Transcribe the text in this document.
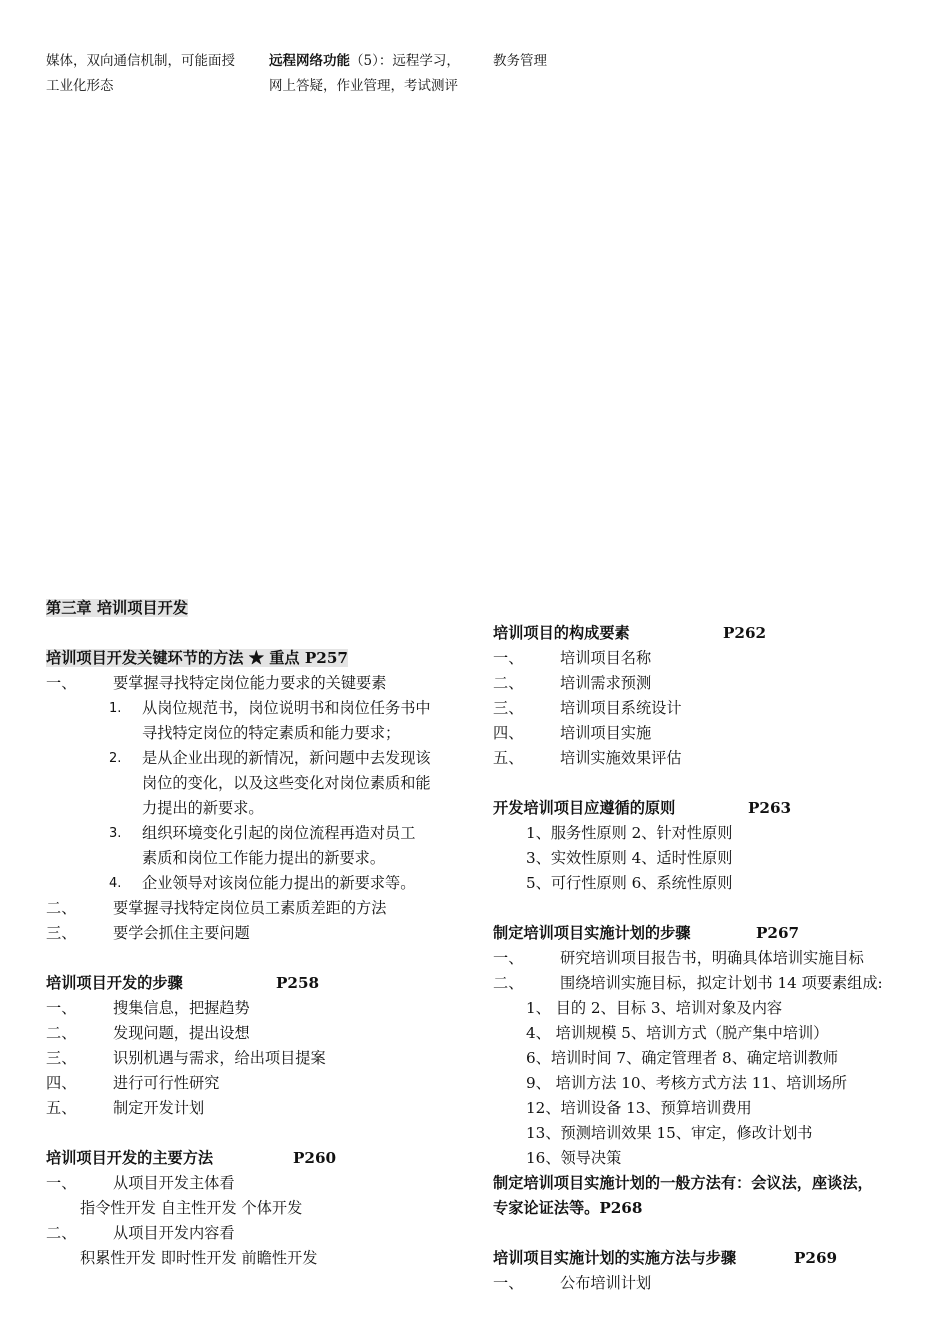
媒体，双向通信机制，可能面授
工业化形态
远程网络功能（5）：远程学习，
网上答疑，作业管理，考试测评
教务管理
第三章 培训项目开发
培训项目开发关键环节的方法 ★ 重点 P257
一、 要掌握寻找特定岗位能力要求的关键要素
1. 从岗位规范书，岗位说明书和岗位任务书中
寻找特定岗位的特定素质和能力要求；
2. 是从企业出现的新情况，新问题中去发现该
岗位的变化，以及这些变化对岗位素质和能
力提出的新要求。
3. 组织环境变化引起的岗位流程再造对员工
素质和岗位工作能力提出的新要求。
4. 企业领导对该岗位能力提出的新要求等。
二、 要掌握寻找特定岗位员工素质差距的方法
三、 要学会抓住主要问题
培训项目开发的步骤	P258
一、 搜集信息，把握趋势
二、 发现问题，提出设想
三、 识别机遇与需求，给出项目提案
四、 进行可行性研究
五、 制定开发计划
培训项目开发的主要方法	P260
一、 从项目开发主体看
指令性开发 自主性开发 个体开发
二、 从项目开发内容看
积累性开发 即时性开发 前瞻性开发
培训项目的构成要素	P262
一、 培训项目名称
二、 培训需求预测
三、 培训项目系统设计
四、 培训项目实施
五、 培训实施效果评估
开发培训项目应遵循的原则	P263
1、服务性原则 2、针对性原则
3、实效性原则 4、适时性原则
5、可行性原则 6、系统性原则
制定培训项目实施计划的步骤	P267
一、 研究培训项目报告书，明确具体培训实施目标
二、 围绕培训实施目标，拟定计划书 14 项要素组成:
1、 目的 2、目标 3、培训对象及内容
4、 培训规模 5、培训方式（脱产集中培训）
6、培训时间 7、确定管理者 8、确定培训教师
9、 培训方法 10、考核方式方法 11、培训场所
12、培训设备 13、预算培训费用
13、预测培训效果 15、审定，修改计划书
16、领导决策
制定培训项目实施计划的一般方法有：会议法，座谈法，
专家论证法等。P268
培训项目实施计划的实施方法与步骤	P269
一、 公布培训计划
